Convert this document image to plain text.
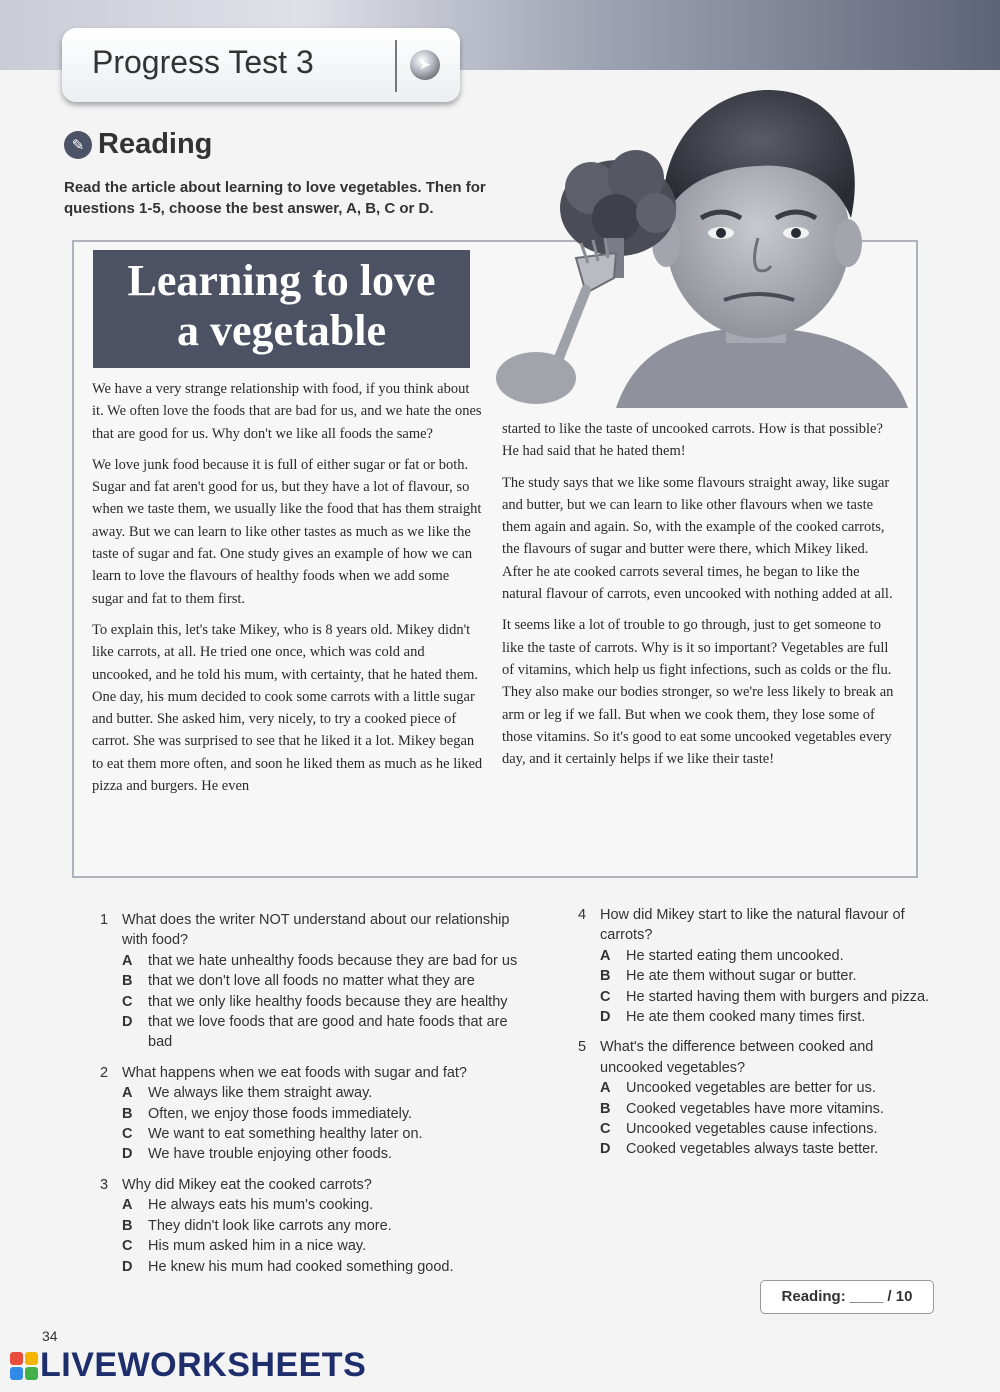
Progress Test 3	➤
✎ Reading
Read the article about learning to love vegetables. Then for questions 1-5, choose the best answer, A, B, C or D.
Learning to love
a vegetable

We have a very strange relationship with food, if you think about it. We often love the foods that are bad for us, and we hate the ones that are good for us. Why don't we like all foods the same?

We love junk food because it is full of either sugar or fat or both. Sugar and fat aren't good for us, but they have a lot of flavour, so when we taste them, we usually like the food that has them straight away. But we can learn to like other tastes as much as we like the taste of sugar and fat. One study gives an example of how we can learn to love the flavours of healthy foods when we add some sugar and fat to them first.

To explain this, let's take Mikey, who is 8 years old. Mikey didn't like carrots, at all. He tried one once, which was cold and uncooked, and he told his mum, with certainty, that he hated them. One day, his mum decided to cook some carrots with a little sugar and butter. She asked him, very nicely, to try a cooked piece of carrot. She was surprised to see that he liked it a lot. Mikey began to eat them more often, and soon he liked them as much as he liked pizza and burgers. He even

started to like the taste of uncooked carrots. How is that possible? He had said that he hated them!

The study says that we like some flavours straight away, like sugar and butter, but we can learn to like other flavours when we taste them again and again. So, with the example of the cooked carrots, the flavours of sugar and butter were there, which Mikey liked. After he ate cooked carrots several times, he began to like the natural flavour of carrots, even uncooked with nothing added at all.

It seems like a lot of trouble to go through, just to get someone to like the taste of carrots. Why is it so important? Vegetables are full of vitamins, which help us fight infections, such as colds or the flu. They also make our bodies stronger, so we're less likely to break an arm or leg if we fall. But when we cook them, they lose some of those vitamins. So it's good to eat some uncooked vegetables every day, and it certainly helps if we like their taste!

1 What does the writer NOT understand about our relationship with food?
A	that we hate unhealthy foods because they are bad for us
B	that we don't love all foods no matter what they are
C	that we only like healthy foods because they are healthy
D	that we love foods that are good and hate foods that are bad
2 What happens when we eat foods with sugar and fat?
A	We always like them straight away.
B	Often, we enjoy those foods immediately.
C	We want to eat something healthy later on.
D	We have trouble enjoying other foods.
3 Why did Mikey eat the cooked carrots?
A	He always eats his mum's cooking.
B	They didn't look like carrots any more.
C	His mum asked him in a nice way.
D	He knew his mum had cooked something good.
4 How did Mikey start to like the natural flavour of carrots?
A	He started eating them uncooked.
B	He ate them without sugar or butter.
C	He started having them with burgers and pizza.
D	He ate them cooked many times first.
5 What's the difference between cooked and uncooked vegetables?
A	Uncooked vegetables are better for us.
B	Cooked vegetables have more vitamins.
C	Uncooked vegetables cause infections.
D	Cooked vegetables always taste better.
Reading: ____ / 10
34
LIVEWORKSHEETS
